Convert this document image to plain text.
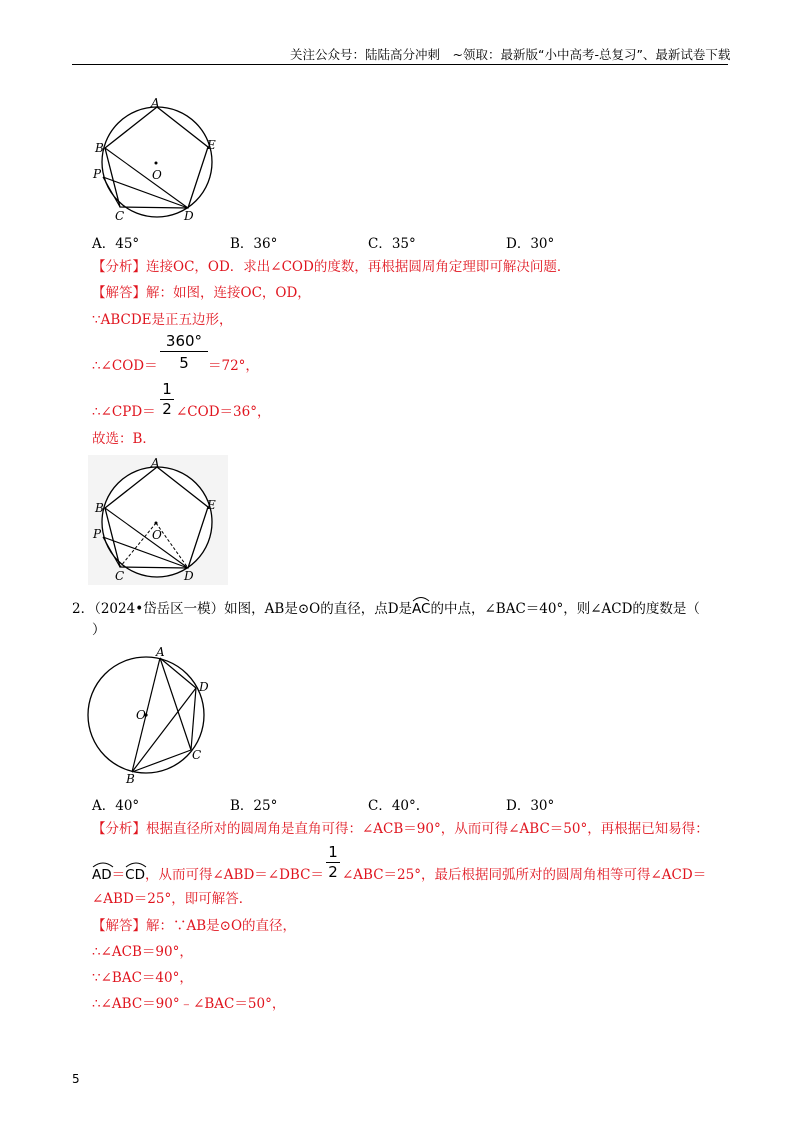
关注公众号：陆陆高分冲刺　~领取：最新版“小中高考-总复习”、最新试卷下载
A
B	E
P	O
C	D
A．45°	B．36°	C．35°	D．30°
【分析】连接OC，OD．求出∠COD的度数，再根据圆周角定理即可解决问题．
【解答】解：如图，连接OC，OD，
∵ABCDE是正五边形，
∴∠COD＝
360°
5	＝72°，
∴∠CPD＝
1
2 ∠COD＝36°，
故选：B．
A
B	E
P	O
C	D
2．（2024•岱岳区一模）如图，AB是⊙O的直径，点D是
AC的中点，∠BAC＝40°，则∠ACD的度数是（
）
A
D
O
C
B
A．40°	B．25°	C．40°.	D．30°
【分析】根据直径所对的圆周角是直角可得：∠ACB＝90°，从而可得∠ABC＝50°，再根据已知易得：
AD＝
CD，从而可得∠ABD＝∠DBC＝
1
2 ∠ABC＝25°，最后根据同弧所对的圆周角相等可得∠ACD＝
∠ABD＝25°，即可解答．
【解答】解：∵AB是⊙O的直径，
∴∠ACB＝90°，
∵∠BAC＝40°，
∴∠ABC＝90°﹣∠BAC＝50°，
5
